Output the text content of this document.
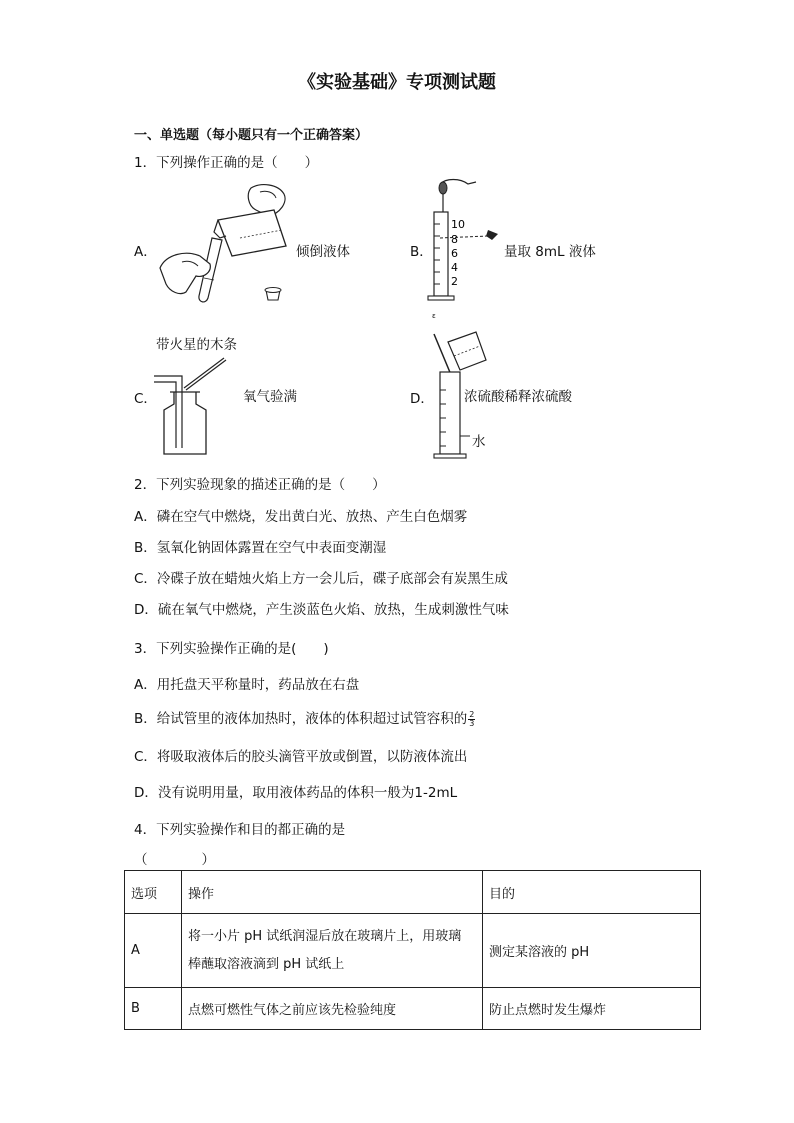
《实验基础》专项测试题
一、单选题（每小题只有一个正确答案）
1．下列操作正确的是（　　）
A．	倾倒液体	B．
10
8
6
4
2
量取 8mL 液体
ε
带火星的木条
C．	氧气验满	D． 浓硫酸稀释浓硫酸
水
2．下列实验现象的描述正确的是（　　）
A．磷在空气中燃烧，发出黄白光、放热、产生白色烟雾
B．氢氧化钠固体露置在空气中表面变潮湿
C．冷碟子放在蜡烛火焰上方一会儿后，碟子底部会有炭黑生成
D．硫在氧气中燃烧，产生淡蓝色火焰、放热，生成刺激性气味
3．下列实验操作正确的是(　　)
A．用托盘天平称量时，药品放在右盘
B．给试管里的液体加热时，液体的体积超过试管容积的 $\frac{2}{3}$
C．将吸取液体后的胶头滴管平放或倒置，以防液体流出
D．没有说明用量，取用液体药品的体积一般为1-2mL
4．下列实验操作和目的都正确的是
（　　　　）
选项	操作	目的
A	将一小片 pH 试纸润湿后放在玻璃片上，用玻璃
棒蘸取溶液滴到 pH 试纸上	测定某溶液的 pH
B	点燃可燃性气体之前应该先检验纯度	防止点燃时发生爆炸
